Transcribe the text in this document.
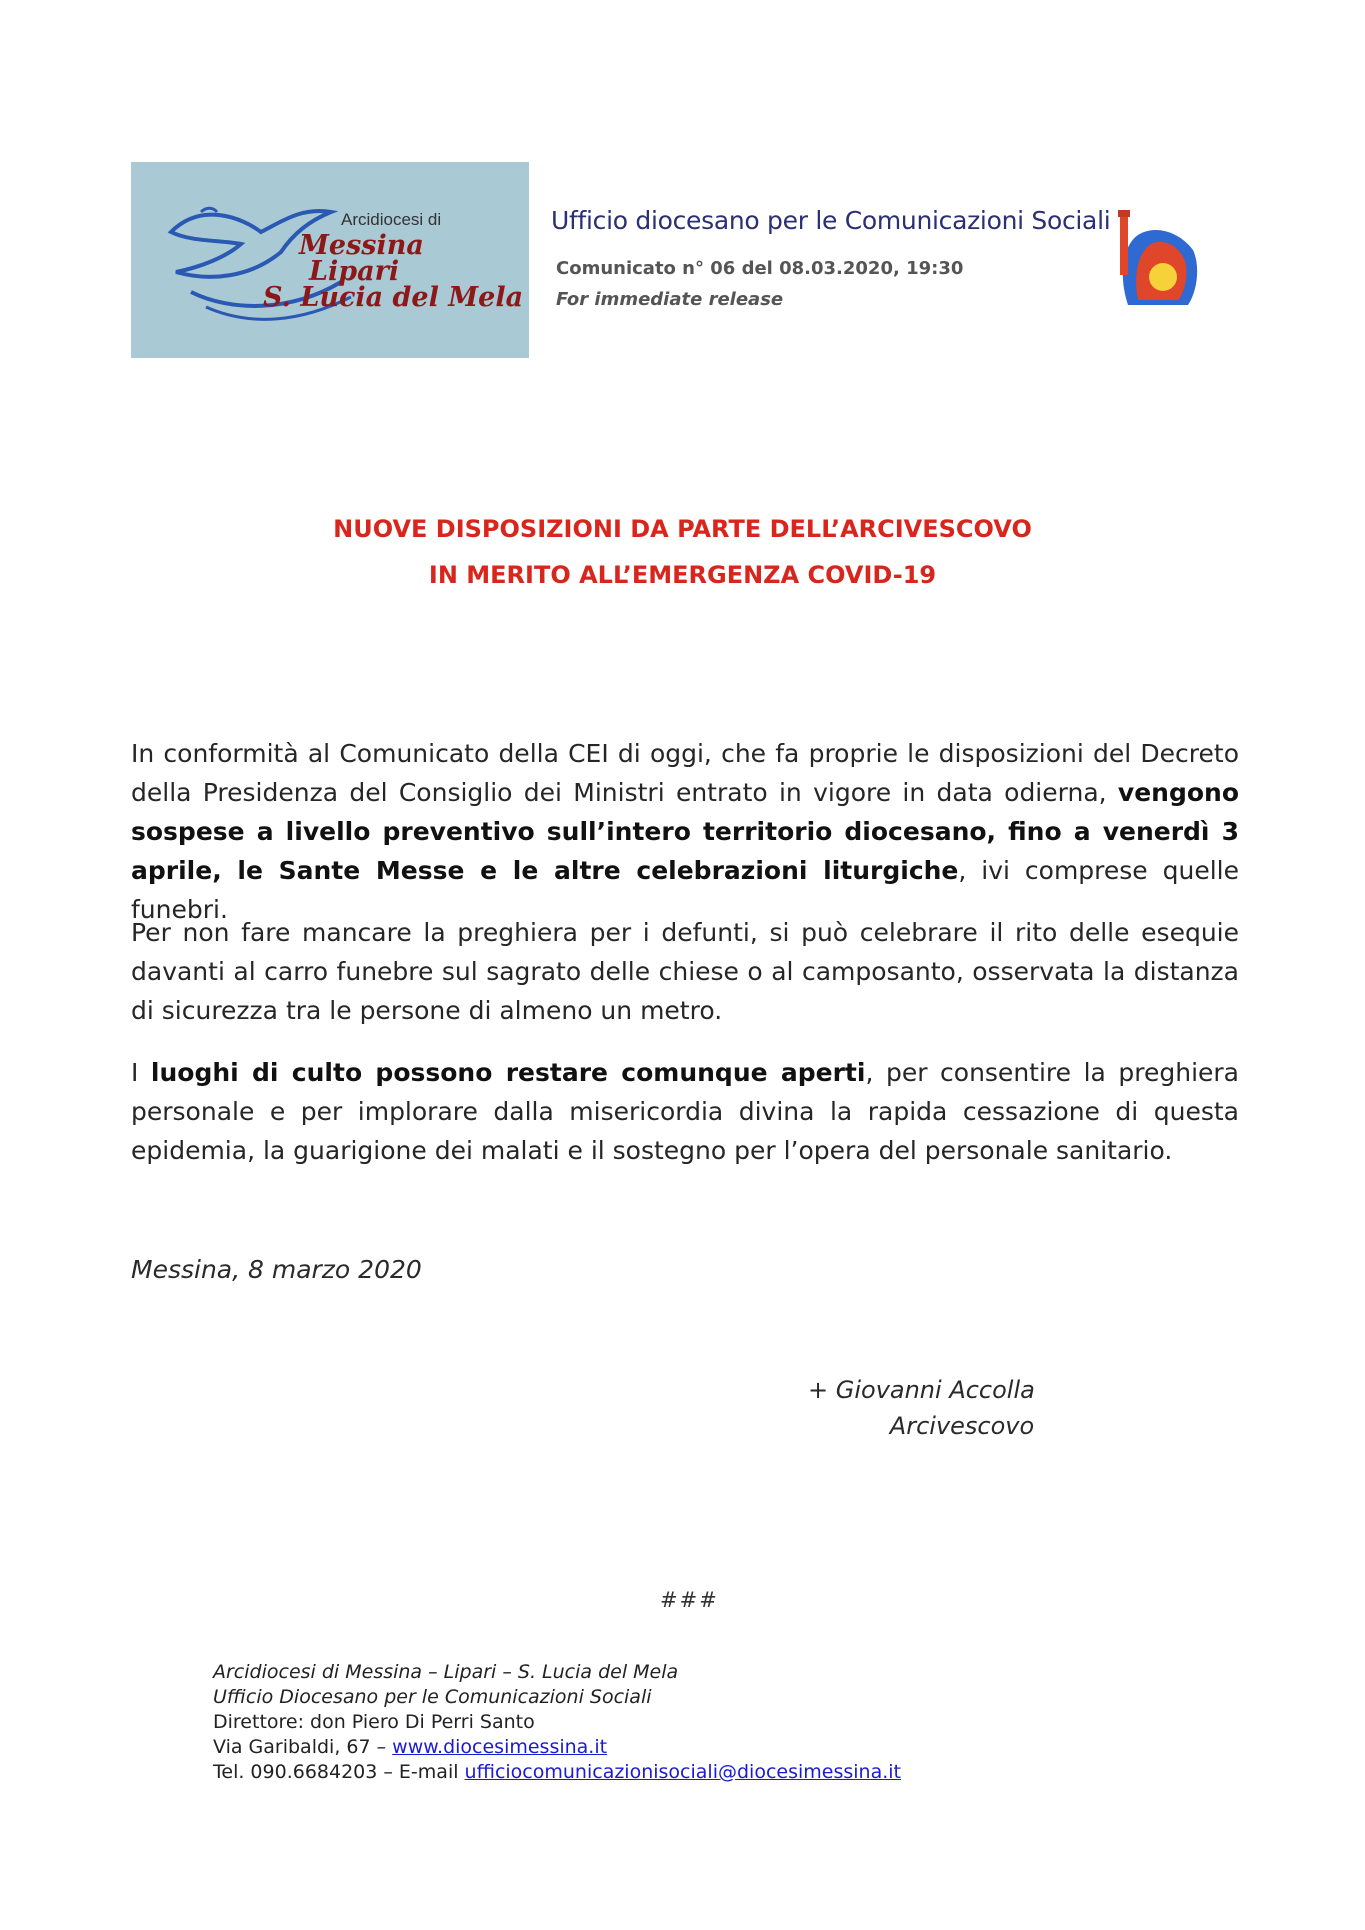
Arcidiocesi di
Messina
Lipari
S. Lucia del Mela
Ufficio diocesano per le Comunicazioni Sociali
Comunicato n° 06 del 08.03.2020, 19:30
For immediate release
NUOVE DISPOSIZIONI DA PARTE DELL’ARCIVESCOVO
IN MERITO ALL’EMERGENZA COVID-19
In conformità al Comunicato della CEI di oggi, che fa proprie le disposizioni del Decreto della Presidenza del Consiglio dei Ministri entrato in vigore in data odierna, vengono sospese a livello preventivo sull’intero territorio diocesano, fino a venerdì 3 aprile, le Sante Messe e le altre celebrazioni liturgiche, ivi comprese quelle funebri.
Per non fare mancare la preghiera per i defunti, si può celebrare il rito delle esequie davanti al carro funebre sul sagrato delle chiese o al camposanto, osservata la distanza di sicurezza tra le persone di almeno un metro.
I luoghi di culto possono restare comunque aperti, per consentire la preghiera personale e per implorare dalla misericordia divina la rapida cessazione di questa epidemia, la guarigione dei malati e il sostegno per l’opera del personale sanitario.
Messina, 8 marzo 2020
+ Giovanni Accolla
Arcivescovo
###
Arcidiocesi di Messina – Lipari – S. Lucia del Mela
Ufficio Diocesano per le Comunicazioni Sociali
Direttore: don Piero Di Perri Santo
Via Garibaldi, 67 – www.diocesimessina.it
Tel. 090.6684203 – E-mail ufficiocomunicazionisociali@diocesimessina.it
